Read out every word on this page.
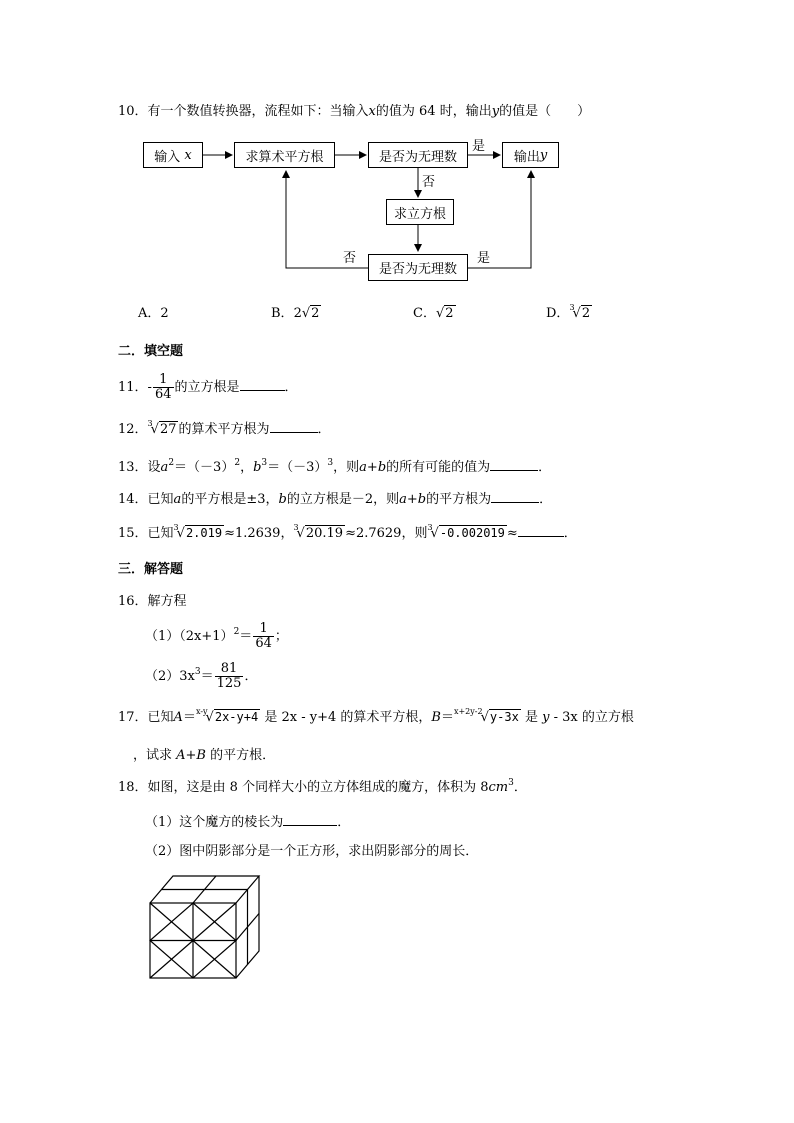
10．有一个数值转换器，流程如下：当输入x的值为 64 时，输出y的值是（　　）
输入
x	求算术平方根	是否为无理数	输出 y
求立方根
是否为无理数
是
否
否	是
A．2	B．2√2	C．√2	D．$^3$√2
二．填空题
11．- $\frac{1}{64}$ 的立方根是	．
12．$^3$√27 的算术平方根为	．
13．设$a^2=(-3)^2$，$b^3=(-3)^3$，则a+b的所有可能的值为	．
14．已知a的平方根是±3，b的立方根是－2，则a+b的平方根为	．
15．已知$^3$√2.019 ≈1.2639，$^3$√20.19 ≈2.7629，则$^3$√-0.002019 ≈	．
三．解答题
16．解方程
$(1)(2x+1)^2= \frac{1}{64}$ ；
$(2)3x^3= \frac{81}{125}$ ．
17．已知A＝$^{x-y}$√2x-y+4 是 2x - y+4 的算术平方根，B＝$^{x+2y-2}$√y-3x 是 y - 3x 的立方根
，试求 A+B 的平方根．
18．如图，这是由 8 个同样大小的立方体组成的魔方，体积为 $8cm^3$．
（1）这个魔方的棱长为	．
（2）图中阴影部分是一个正方形，求出阴影部分的周长．
